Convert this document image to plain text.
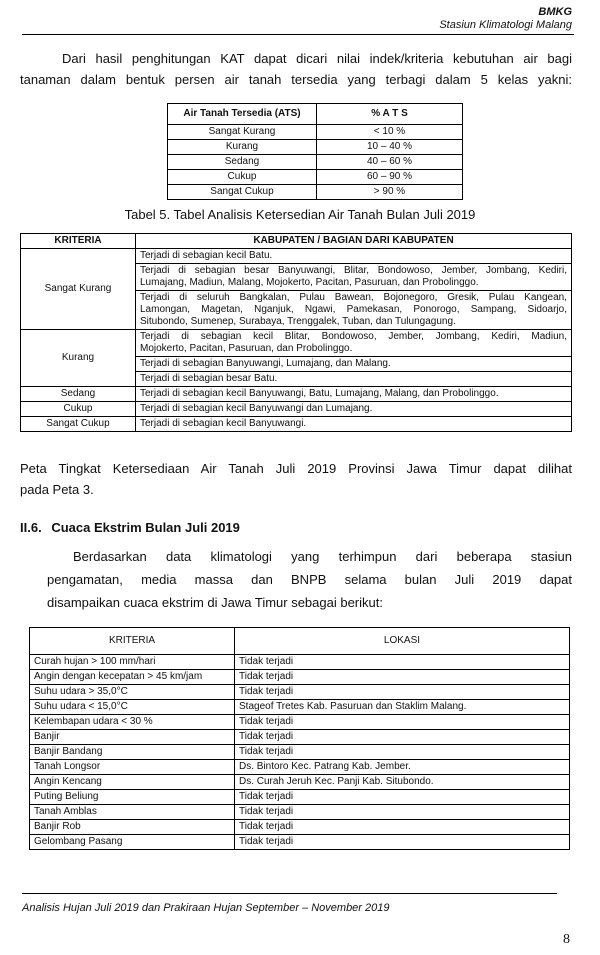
BMKG
Stasiun Klimatologi Malang
Dari hasil penghitungan KAT dapat dicari nilai indek/kriteria kebutuhan air bagi
tanaman dalam bentuk persen air tanah tersedia yang terbagi dalam 5 kelas yakni:
Air Tanah Tersedia (ATS)	% A T S
Sangat Kurang	< 10 %
Kurang	10 – 40 %
Sedang	40 – 60 %
Cukup	60 – 90 %
Sangat Cukup	> 90 %
Tabel 5. Tabel Analisis Ketersedian Air Tanah Bulan Juli 2019
KRITERIA	KABUPATEN / BAGIAN DARI KABUPATEN
Sangat Kurang	Terjadi di sebagian kecil Batu.

	Terjadi di sebagian besar Banyuwangi, Blitar, Bondowoso, Jember, Jombang, Kediri,
Lumajang, Madiun, Malang, Mojokerto, Pacitan, Pasuruan, dan Probolinggo.

	Terjadi di seluruh Bangkalan, Pulau Bawean, Bojonegoro, Gresik, Pulau Kangean,
Lamongan, Magetan, Nganjuk, Ngawi, Pamekasan, Ponorogo, Sampang, Sidoarjo,
Situbondo, Sumenep, Surabaya, Trenggalek, Tuban, dan Tulungagung.

Kurang	Terjadi di sebagian kecil Blitar, Bondowoso, Jember, Jombang, Kediri, Madiun,
Mojokerto, Pacitan, Pasuruan, dan Probolinggo.

	Terjadi di sebagian Banyuwangi, Lumajang, dan Malang.
	Terjadi di sebagian besar Batu.
Sedang	Terjadi di sebagian kecil Banyuwangi, Batu, Lumajang, Malang, dan Probolinggo.
Cukup	Terjadi di sebagian kecil Banyuwangi dan Lumajang.
Sangat Cukup	Terjadi di sebagian kecil Banyuwangi.
Peta Tingkat Ketersediaan Air Tanah Juli 2019 Provinsi Jawa Timur dapat dilihat
pada Peta 3.
II.6. Cuaca Ekstrim Bulan Juli 2019
Berdasarkan data klimatologi yang terhimpun dari beberapa stasiun
pengamatan, media massa dan BNPB selama bulan Juli 2019 dapat
disampaikan cuaca ekstrim di Jawa Timur sebagai berikut:
KRITERIA	LOKASI
Curah hujan > 100 mm/hari	Tidak terjadi
Angin dengan kecepatan > 45 km/jam	Tidak terjadi
Suhu udara > 35,0°C	Tidak terjadi
Suhu udara < 15,0°C	Stageof Tretes Kab. Pasuruan dan Staklim Malang.
Kelembapan udara < 30 %	Tidak terjadi
Banjir	Tidak terjadi
Banjir Bandang	Tidak terjadi
Tanah Longsor	Ds. Bintoro Kec. Patrang Kab. Jember.
Angin Kencang	Ds. Curah Jeruh Kec. Panji Kab. Situbondo.
Puting Beliung	Tidak terjadi
Tanah Amblas	Tidak terjadi
Banjir Rob	Tidak terjadi
Gelombang Pasang	Tidak terjadi
Analisis Hujan Juli 2019 dan Prakiraan Hujan September – November 2019
8
